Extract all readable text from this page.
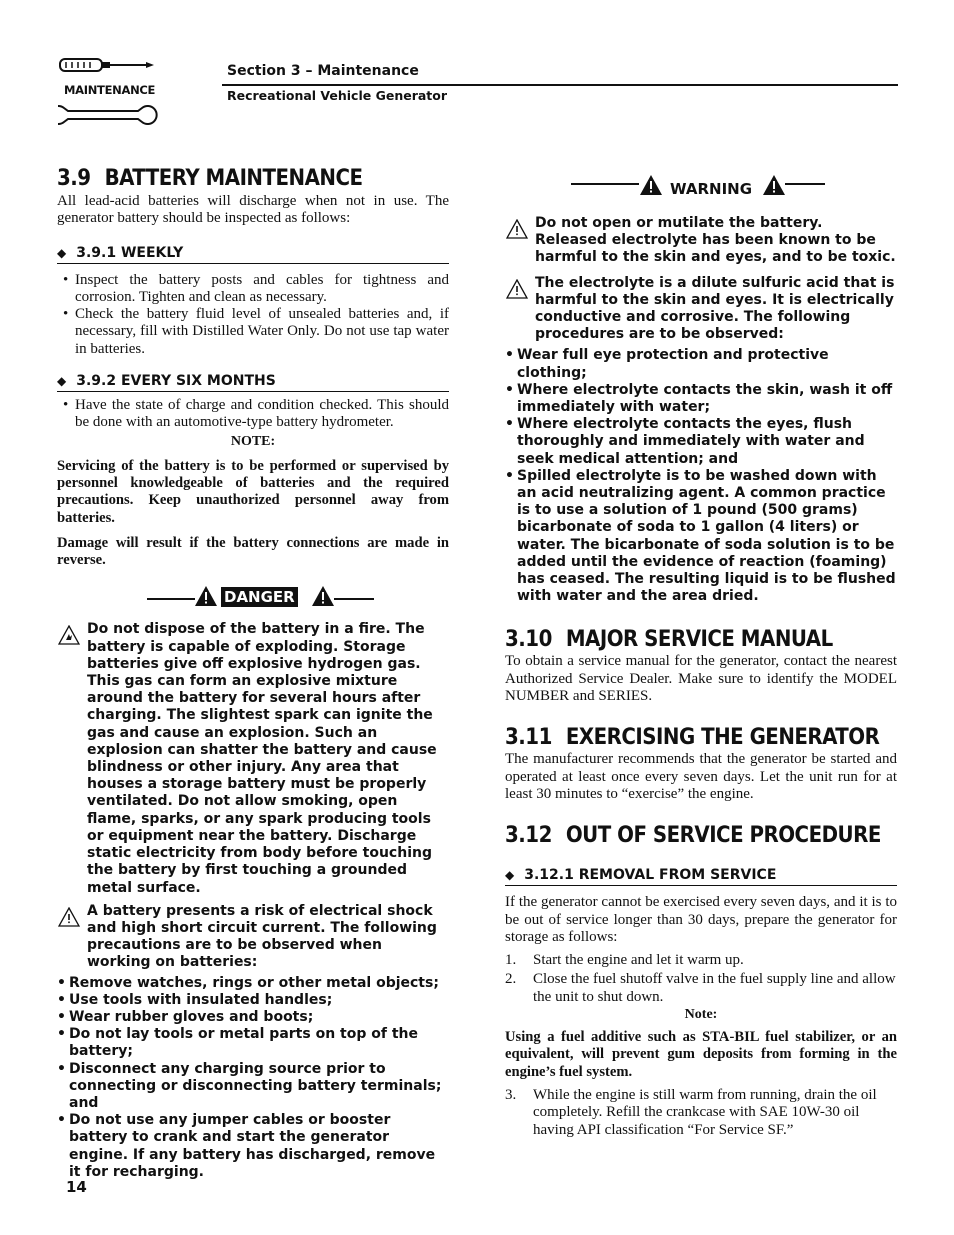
MAINTENANCE
Section 3 – Maintenance
Recreational Vehicle Generator
3.9 BATTERY MAINTENANCE

All lead-acid batteries will discharge when not in use. The generator battery should be inspected as follows:

◆ 3.9.1 WEEKLY
• Inspect the battery posts and cables for tightness and corrosion. Tighten and clean as necessary.
• Check the battery fluid level of unsealed batteries and, if necessary, fill with Distilled Water Only. Do not use tap water in batteries.
◆ 3.9.2 EVERY SIX MONTHS
• Have the state of charge and condition checked. This should be done with an automotive-type battery hydrometer.
NOTE:

Servicing of the battery is to be performed or supervised by personnel knowledgeable of batteries and the required precautions. Keep unauthorized personnel away from batteries.

Damage will result if the battery connections are made in reverse.

DANGER
Do not dispose of the battery in a fire. The battery is capable of exploding. Storage batteries give off explosive hydrogen gas. This gas can form an explosive mixture around the battery for several hours after charging. The slightest spark can ignite the gas and cause an explosion. Such an explosion can shatter the battery and cause blindness or other injury. Any area that houses a storage battery must be properly ventilated. Do not allow smoking, open flame, sparks, or any spark producing tools or equipment near the battery. Discharge static electricity from body before touching the battery by first touching a grounded metal surface.
A battery presents a risk of electrical shock and high short circuit current. The following precautions are to be observed when working on batteries:
• Remove watches, rings or other metal objects;
• Use tools with insulated handles;
• Wear rubber gloves and boots;
• Do not lay tools or metal parts on top of the battery;
• Disconnect any charging source prior to connecting or disconnecting battery terminals; and
• Do not use any jumper cables or booster battery to crank and start the generator engine. If any battery has discharged, remove it for recharging.
WARNING
Do not open or mutilate the battery. Released electrolyte has been known to be harmful to the skin and eyes, and to be toxic.
The electrolyte is a dilute sulfuric acid that is harmful to the skin and eyes. It is electrically conductive and corrosive. The following procedures are to be observed:
• Wear full eye protection and protective clothing;
• Where electrolyte contacts the skin, wash it off immediately with water;
• Where electrolyte contacts the eyes, flush thoroughly and immediately with water and seek medical attention; and
• Spilled electrolyte is to be washed down with an acid neutralizing agent. A common practice is to use a solution of 1 pound (500 grams) bicarbonate of soda to 1 gallon (4 liters) or water. The bicarbonate of soda solution is to be added until the evidence of reaction (foaming) has ceased. The resulting liquid is to be flushed with water and the area dried.
3.10 MAJOR SERVICE MANUAL

To obtain a service manual for the generator, contact the nearest Authorized Service Dealer. Make sure to identify the MODEL NUMBER and SERIES.

3.11 EXERCISING THE GENERATOR

The manufacturer recommends that the generator be started and operated at least once every seven days. Let the unit run for at least 30 minutes to “exercise” the engine.

3.12 OUT OF SERVICE PROCEDURE
◆ 3.12.1 REMOVAL FROM SERVICE

If the generator cannot be exercised every seven days, and it is to be out of service longer than 30 days, prepare the generator for storage as follows:

1. Start the engine and let it warm up.
2. Close the fuel shutoff valve in the fuel supply line and allow the unit to shut down.
Note:

Using a fuel additive such as STA-BIL fuel stabilizer, or an equivalent, will prevent gum deposits from forming in the engine’s fuel system.

3. While the engine is still warm from running, drain the oil completely. Refill the crankcase with SAE 10W-30 oil having API classification “For Service SF.”
14
